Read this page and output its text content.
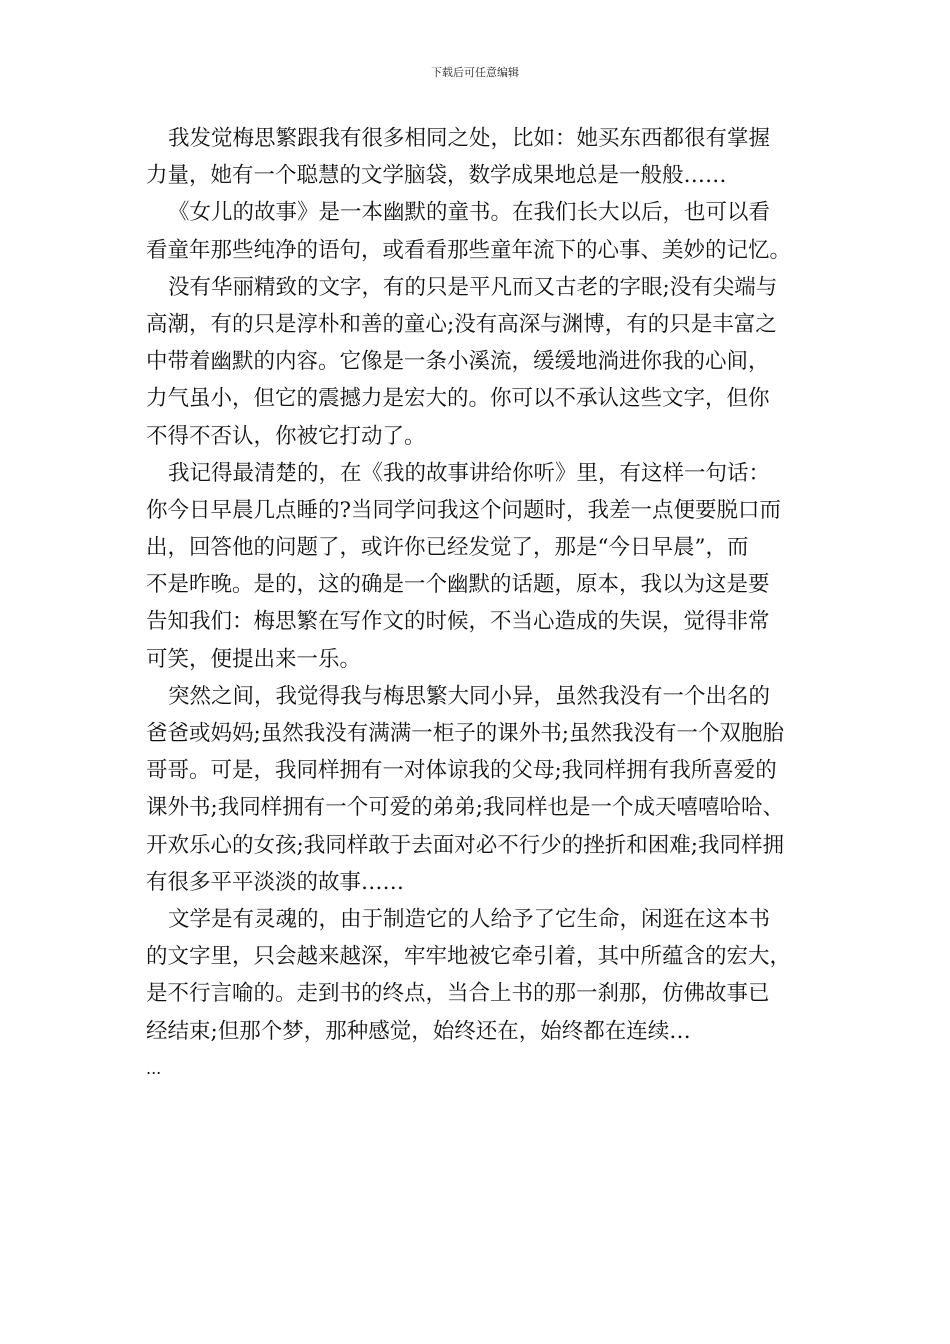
下载后可任意编辑
我发觉梅思繁跟我有很多相同之处，比如：她买东西都很有掌握
力量，她有一个聪慧的文学脑袋，数学成果地总是一般般……
《女儿的故事》是一本幽默的童书。在我们长大以后，也可以看
看童年那些纯净的语句，或看看那些童年流下的心事、美妙的记忆。
没有华丽精致的文字，有的只是平凡而又古老的字眼;没有尖端与
高潮，有的只是淳朴和善的童心;没有高深与渊博，有的只是丰富之
中带着幽默的内容。它像是一条小溪流，缓缓地淌进你我的心间，
力气虽小，但它的震撼力是宏大的。你可以不承认这些文字，但你
不得不否认，你被它打动了。
我记得最清楚的，在《我的故事讲给你听》里，有这样一句话：
你今日早晨几点睡的?当同学问我这个问题时，我差一点便要脱口而
出，回答他的问题了，或许你已经发觉了，那是“今日早晨”，而
不是昨晚。是的，这的确是一个幽默的话题，原本，我以为这是要
告知我们：梅思繁在写作文的时候，不当心造成的失误，觉得非常
可笑，便提出来一乐。
突然之间，我觉得我与梅思繁大同小异，虽然我没有一个出名的
爸爸或妈妈;虽然我没有满满一柜子的课外书;虽然我没有一个双胞胎
哥哥。可是，我同样拥有一对体谅我的父母;我同样拥有我所喜爱的
课外书;我同样拥有一个可爱的弟弟;我同样也是一个成天嘻嘻哈哈、
开欢乐心的女孩;我同样敢于去面对必不行少的挫折和困难;我同样拥
有很多平平淡淡的故事……
文学是有灵魂的，由于制造它的人给予了它生命，闲逛在这本书
的文字里，只会越来越深，牢牢地被它牵引着，其中所蕴含的宏大，
是不行言喻的。走到书的终点，当合上书的那一刹那，仿佛故事已
经结束;但那个梦，那种感觉，始终还在，始终都在连续…
...
